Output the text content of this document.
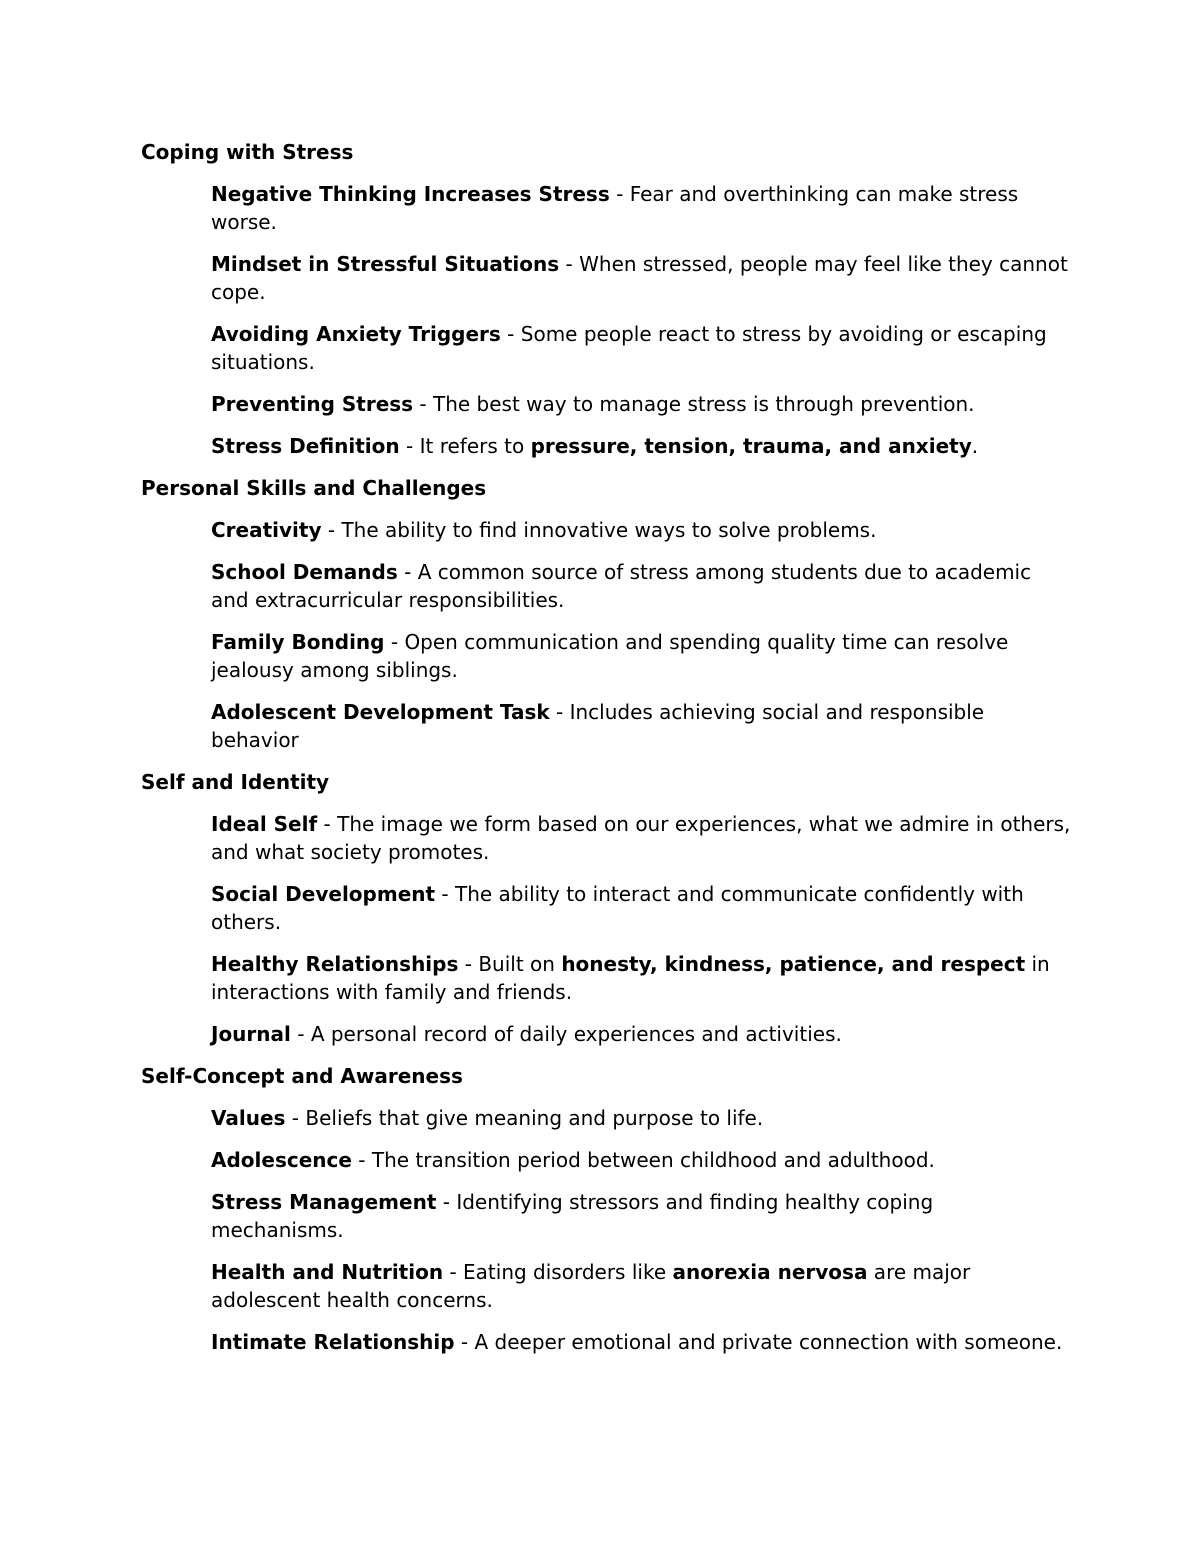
Coping with Stress
Negative Thinking Increases Stress - Fear and overthinking can make stress worse.
Mindset in Stressful Situations - When stressed, people may feel like they cannot cope.
Avoiding Anxiety Triggers - Some people react to stress by avoiding or escaping situations.
Preventing Stress - The best way to manage stress is through prevention.
Stress Definition - It refers to pressure, tension, trauma, and anxiety.
Personal Skills and Challenges
Creativity - The ability to find innovative ways to solve problems.
School Demands - A common source of stress among students due to academic and extracurricular responsibilities.
Family Bonding - Open communication and spending quality time can resolve jealousy among siblings.
Adolescent Development Task - Includes achieving social and responsible behavior
Self and Identity
Ideal Self - The image we form based on our experiences, what we admire in others, and what society promotes.
Social Development - The ability to interact and communicate confidently with others.
Healthy Relationships - Built on honesty, kindness, patience, and respect in interactions with family and friends.
Journal - A personal record of daily experiences and activities.
Self-Concept and Awareness
Values - Beliefs that give meaning and purpose to life.
Adolescence - The transition period between childhood and adulthood.
Stress Management - Identifying stressors and finding healthy coping mechanisms.
Health and Nutrition - Eating disorders like anorexia nervosa are major adolescent health concerns.
Intimate Relationship - A deeper emotional and private connection with someone.
